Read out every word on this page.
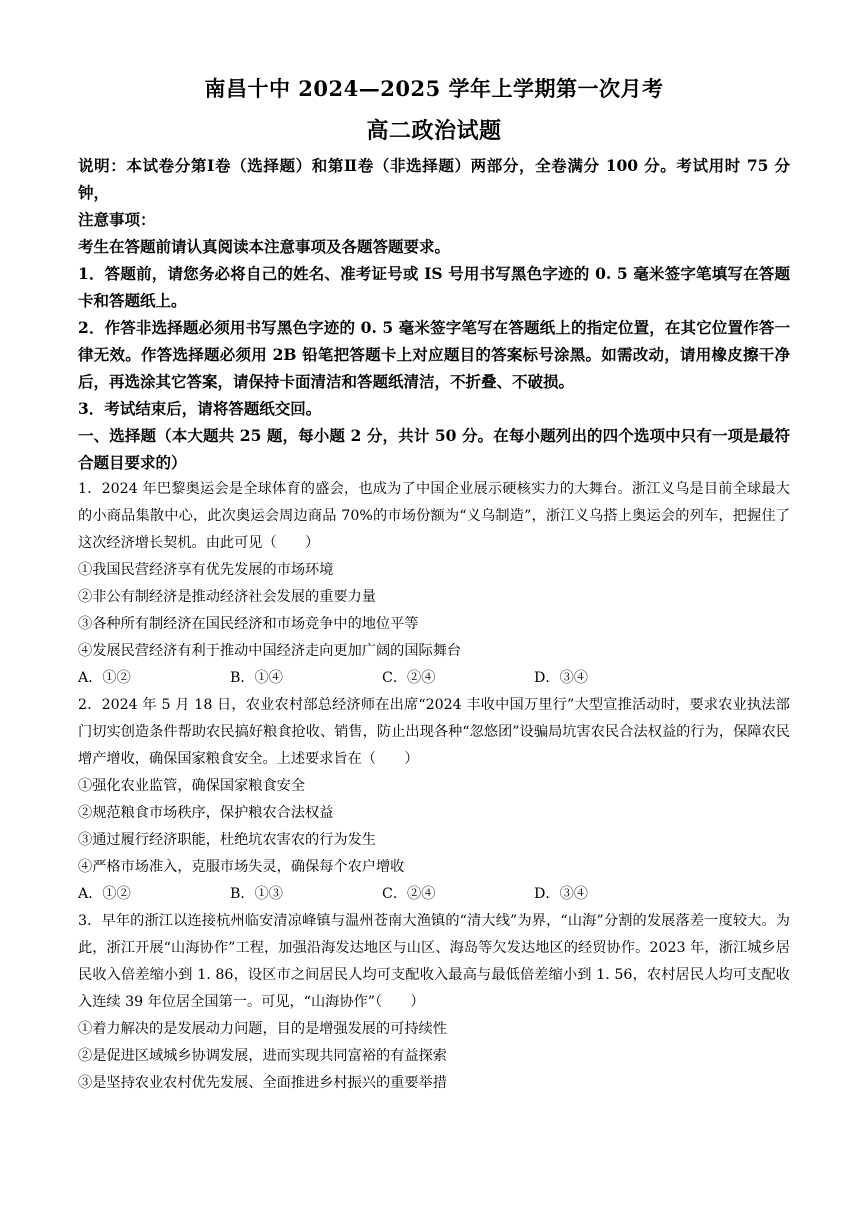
南昌十中 2024—2025 学年上学期第一次月考
高二政治试题

说明：本试卷分第Ⅰ卷（选择题）和第Ⅱ卷（非选择题）两部分，全卷满分 100 分。考试用时 75 分钟，

注意事项：

考生在答题前请认真阅读本注意事项及各题答题要求。

1．答题前，请您务必将自己的姓名、准考证号或 IS 号用书写黑色字迹的 0. 5 毫米签字笔填写在答题卡和答题纸上。

2．作答非选择题必须用书写黑色字迹的 0. 5 毫米签字笔写在答题纸上的指定位置，在其它位置作答一律无效。作答选择题必须用 2B 铅笔把答题卡上对应题目的答案标号涂黑。如需改动，请用橡皮擦干净后，再选涂其它答案，请保持卡面清洁和答题纸清洁，不折叠、不破损。

3．考试结束后，请将答题纸交回。

一、选择题（本大题共 25 题，每小题 2 分，共计 50 分。在每小题列出的四个选项中只有一项是最符合题目要求的）

1．2024 年巴黎奥运会是全球体育的盛会，也成为了中国企业展示硬核实力的大舞台。浙江义乌是目前全球最大的小商品集散中心，此次奥运会周边商品 70%的市场份额为“义乌制造”，浙江义乌搭上奥运会的列车，把握住了这次经济增长契机。由此可见（　　）

①我国民营经济享有优先发展的市场环境

②非公有制经济是推动经济社会发展的重要力量

③各种所有制经济在国民经济和市场竞争中的地位平等

④发展民营经济有利于推动中国经济走向更加广阔的国际舞台

A．①②	B．①④	C．②④	D．③④

2．2024 年 5 月 18 日，农业农村部总经济师在出席“2024 丰收中国万里行”大型宣推活动时，要求农业执法部门切实创造条件帮助农民搞好粮食抢收、销售，防止出现各种“忽悠团”设骗局坑害农民合法权益的行为，保障农民增产增收，确保国家粮食安全。上述要求旨在（　　）

①强化农业监管，确保国家粮食安全

②规范粮食市场秩序，保护粮农合法权益

③通过履行经济职能，杜绝坑农害农的行为发生

④严格市场准入，克服市场失灵，确保每个农户增收

A．①②	B．①③	C．②④	D．③④

3．早年的浙江以连接杭州临安清凉峰镇与温州苍南大渔镇的“清大线”为界，“山海”分割的发展落差一度较大。为此，浙江开展“山海协作”工程，加强沿海发达地区与山区、海岛等欠发达地区的经贸协作。2023 年，浙江城乡居民收入倍差缩小到 1. 86，设区市之间居民人均可支配收入最高与最低倍差缩小到 1. 56，农村居民人均可支配收入连续 39 年位居全国第一。可见，“山海协作”（　　）

①着力解决的是发展动力问题，目的是增强发展的可持续性

②是促进区域城乡协调发展，进而实现共同富裕的有益探索

③是坚持农业农村优先发展、全面推进乡村振兴的重要举措
